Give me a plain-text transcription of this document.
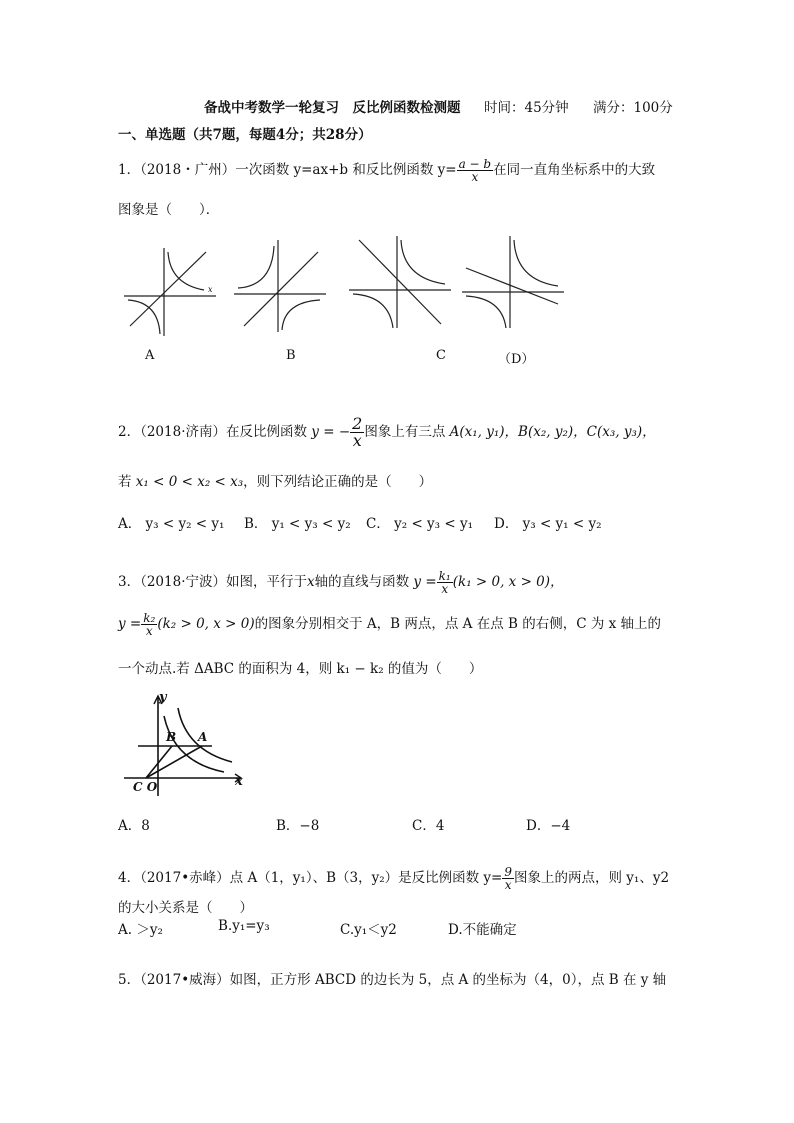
备战中考数学一轮复习　反比例函数检测题 时间：45分钟 满分：100分
一、单选题（共7题，每题4分；共28分）
1．（2018・广州）一次函数 y=ax+b 和反比例函数 $y= \frac{a - b}{x}$ 在同一直角坐标系中的大致
图象是（　　）．
x
A	B	C	（D）
2．（2018·济南）在反比例函数 y = − $\frac{2}{x}$ 图象上有三点 A(x₁, y₁)，B(x₂, y₂)，C(x₃, y₃)，
若 x₁ < 0 < x₂ < x₃，则下列结论正确的是（　　）
A． y₃ < y₂ < y₁ B． y₁ < y₃ < y₂ C． y₂ < y₃ < y₁ D． y₃ < y₁ < y₂
3．（2018·宁波）如图，平行于x轴的直线与函数 $y = \frac{\text{k₁}}{x} (k_1 > 0$, x > 0)，
$y = \frac{\text{k₂}}{x} (k_2 > 0$, x > 0)的图象分别相交于 A，B 两点，点 A 在点 B 的右侧，C 为 x 轴上的
一个动点.若 ΔABC 的面积为 4，则 k₁ − k₂ 的值为（　　）
y
x
B A
C O
A．8	B．−8	C．4	D．−4
4．（2017•赤峰）点 A（1，y₁）、B（3，y₂）是反比例函数 $y= \frac{9}{x}$ 图象上的两点，则 y₁、y2
的大小关系是（　　）
A. ＞y₂	B.y₁=y₃	C.y₁＜y2	D.不能确定
5．（2017•威海）如图，正方形 ABCD 的边长为 5，点 A 的坐标为（4，0），点 B 在 y 轴
